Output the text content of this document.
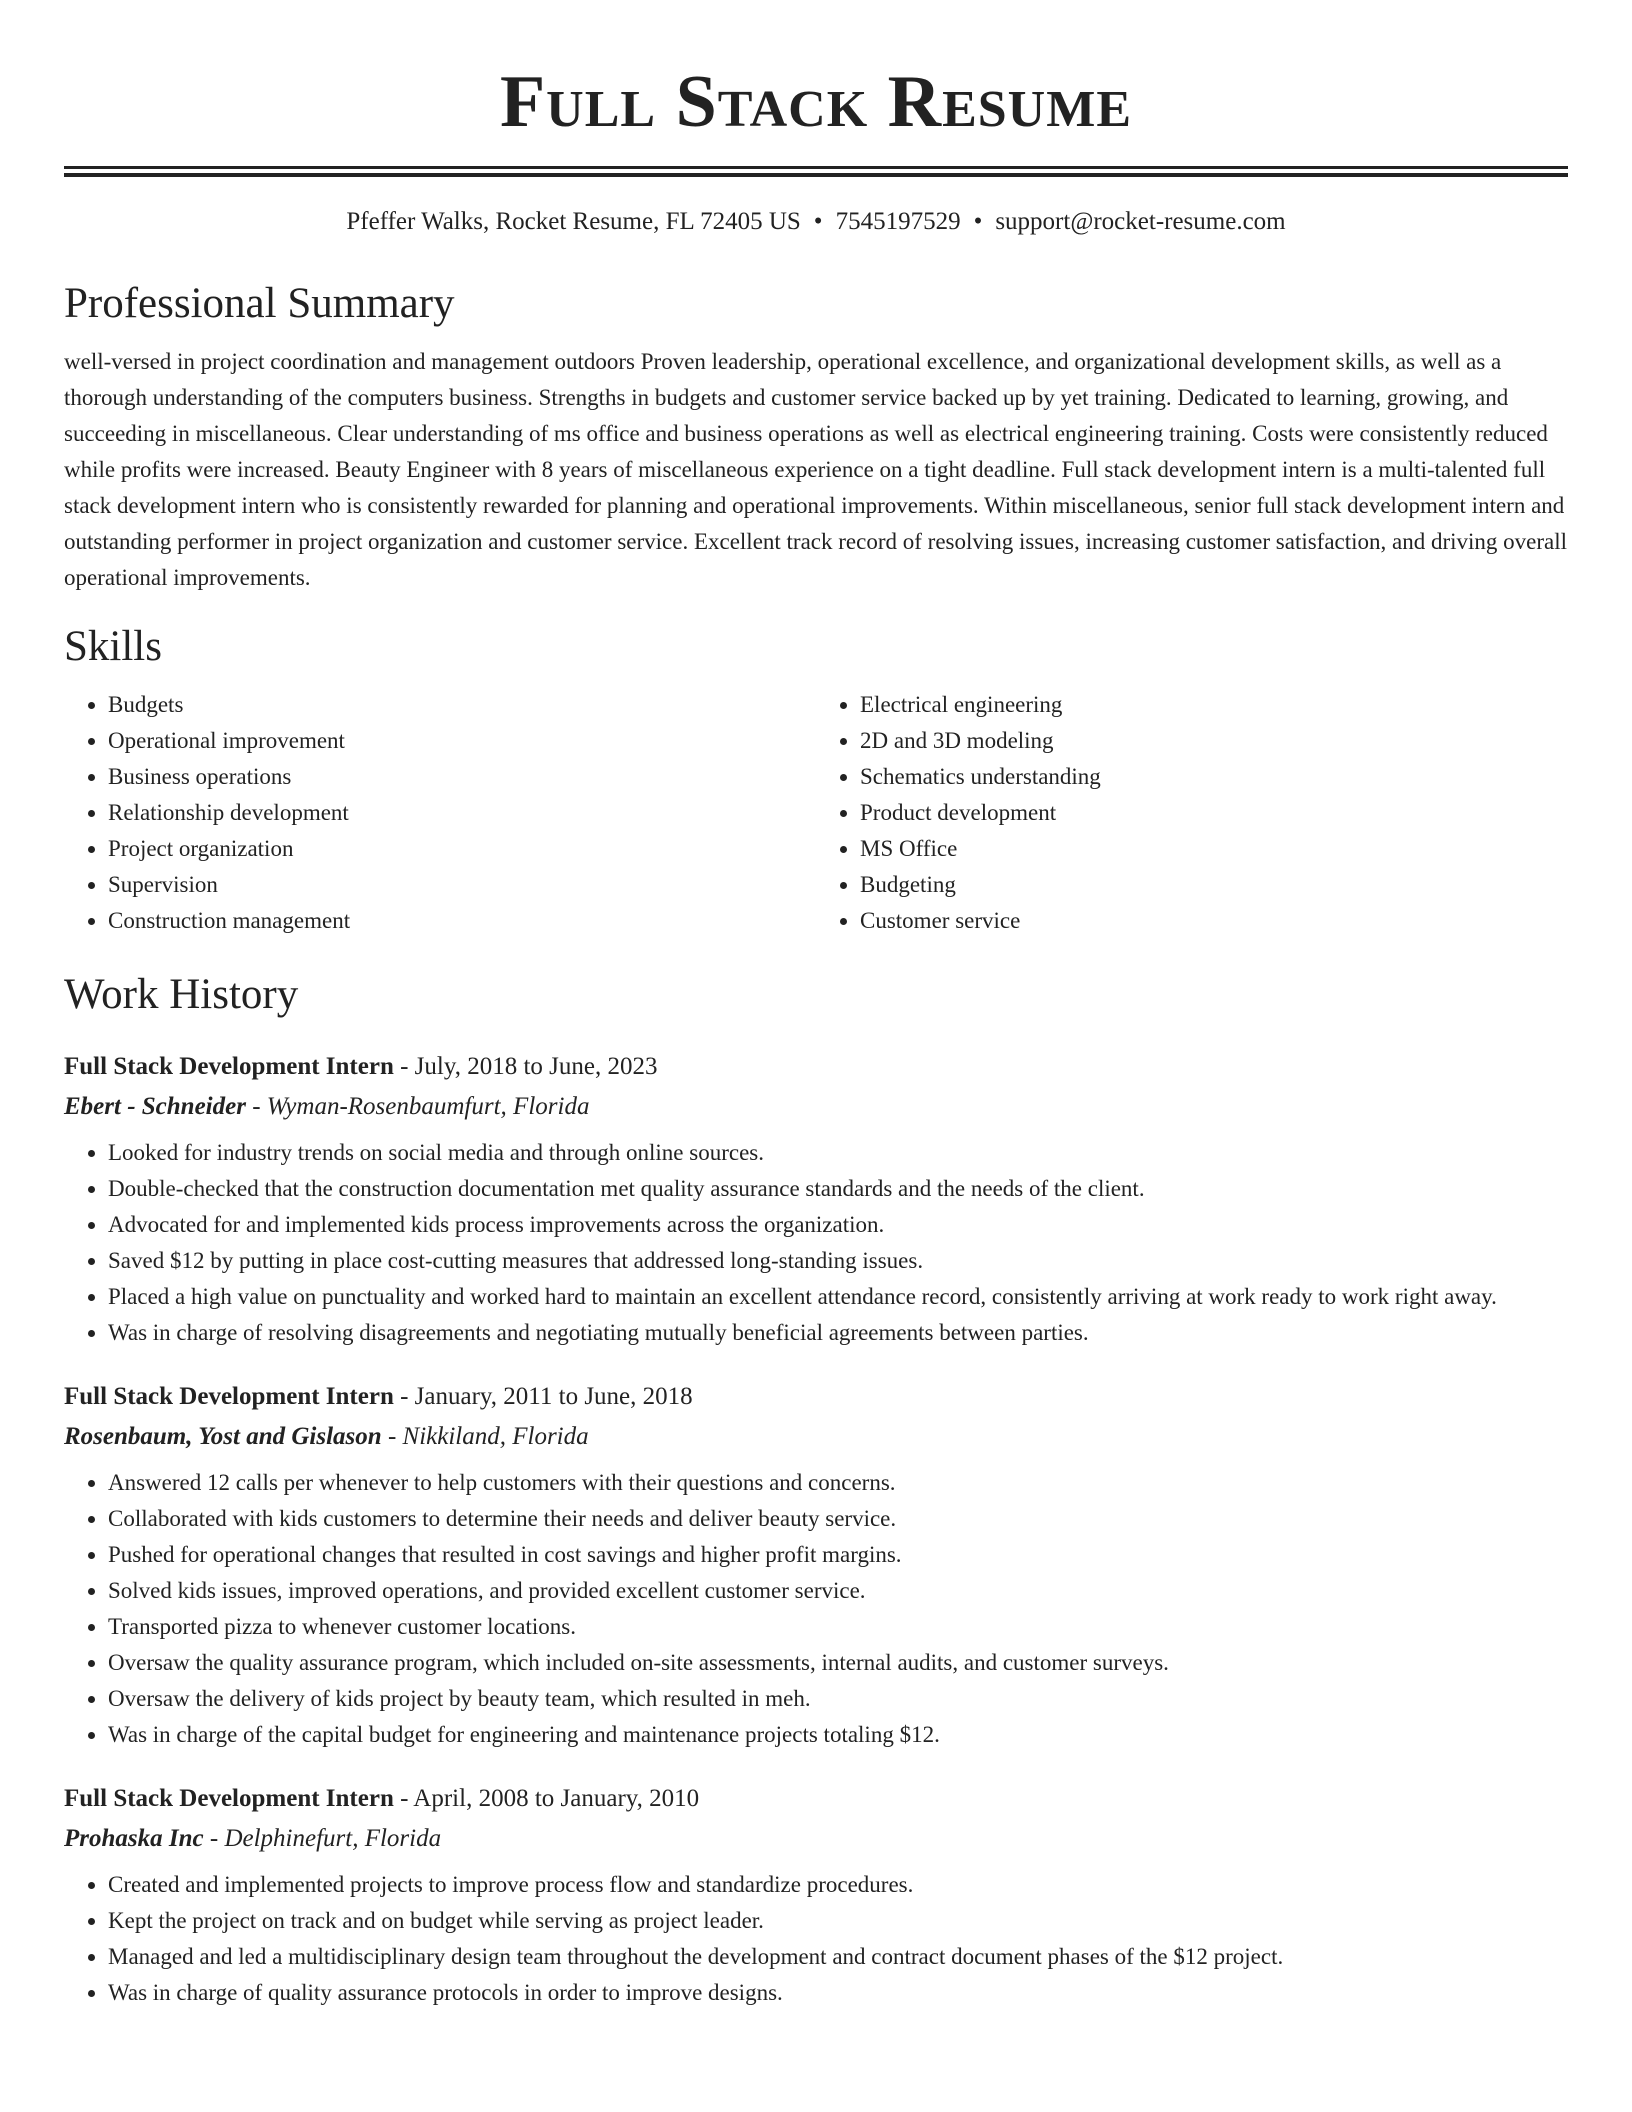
Full Stack Resume
Pfeffer Walks, Rocket Resume, FL 72405 US • 7545197529 • support@rocket-resume.com
Professional Summary

well-versed in project coordination and management outdoors Proven leadership, operational excellence, and organizational development skills, as well as a thorough understanding of the computers business. Strengths in budgets and customer service backed up by yet training. Dedicated to learning, growing, and succeeding in miscellaneous. Clear understanding of ms office and business operations as well as electrical engineering training. Costs were consistently reduced while profits were increased. Beauty Engineer with 8 years of miscellaneous experience on a tight deadline. Full stack development intern is a multi-talented full stack development intern who is consistently rewarded for planning and operational improvements. Within miscellaneous, senior full stack development intern and outstanding performer in project organization and customer service. Excellent track record of resolving issues, increasing customer satisfaction, and driving overall operational improvements.

Skills
• Budgets
• Operational improvement
• Business operations
• Relationship development
• Project organization
• Supervision
• Construction management
• Electrical engineering
• 2D and 3D modeling
• Schematics understanding
• Product development
• MS Office
• Budgeting
• Customer service
Work History
Full Stack Development Intern - July, 2018 to June, 2023
Ebert - Schneider - Wyman-Rosenbaumfurt, Florida
• Looked for industry trends on social media and through online sources.
• Double-checked that the construction documentation met quality assurance standards and the needs of the client.
• Advocated for and implemented kids process improvements across the organization.
• Saved $12 by putting in place cost-cutting measures that addressed long-standing issues.
• Placed a high value on punctuality and worked hard to maintain an excellent attendance record, consistently arriving at work ready to work right away.
• Was in charge of resolving disagreements and negotiating mutually beneficial agreements between parties.
Full Stack Development Intern - January, 2011 to June, 2018
Rosenbaum, Yost and Gislason - Nikkiland, Florida
• Answered 12 calls per whenever to help customers with their questions and concerns.
• Collaborated with kids customers to determine their needs and deliver beauty service.
• Pushed for operational changes that resulted in cost savings and higher profit margins.
• Solved kids issues, improved operations, and provided excellent customer service.
• Transported pizza to whenever customer locations.
• Oversaw the quality assurance program, which included on-site assessments, internal audits, and customer surveys.
• Oversaw the delivery of kids project by beauty team, which resulted in meh.
• Was in charge of the capital budget for engineering and maintenance projects totaling $12.
Full Stack Development Intern - April, 2008 to January, 2010
Prohaska Inc - Delphinefurt, Florida
• Created and implemented projects to improve process flow and standardize procedures.
• Kept the project on track and on budget while serving as project leader.
• Managed and led a multidisciplinary design team throughout the development and contract document phases of the $12 project.
• Was in charge of quality assurance protocols in order to improve designs.
